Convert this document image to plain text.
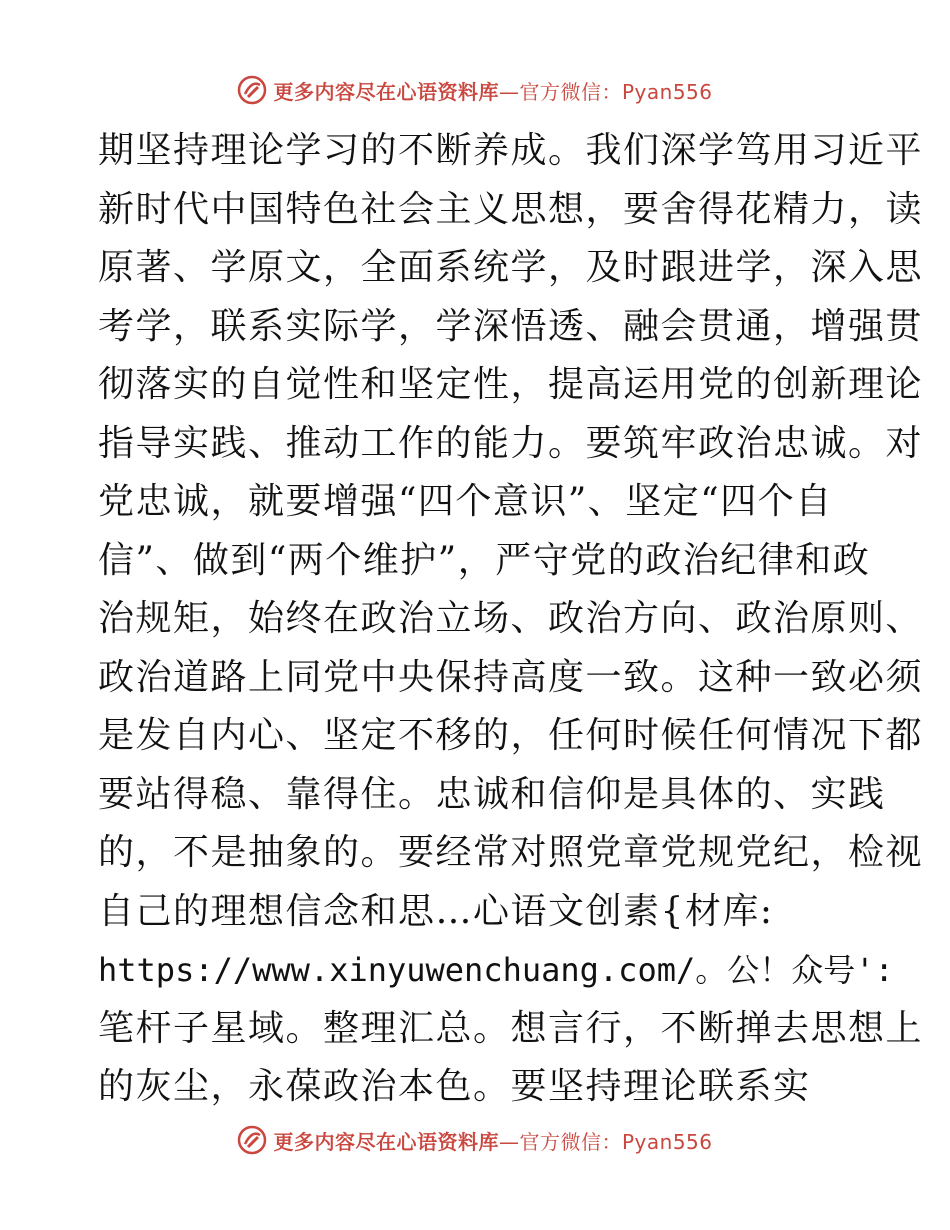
更多内容尽在心语资料库—官方微信：Pyan556
期坚持理论学习的不断养成。我们深学笃用习近平
新时代中国特色社会主义思想，要舍得花精力，读
原著、学原文，全面系统学，及时跟进学，深入思
考学，联系实际学，学深悟透、融会贯通，增强贯
彻落实的自觉性和坚定性，提高运用党的创新理论
指导实践、推动工作的能力。要筑牢政治忠诚。对
党忠诚，就要增强“四个意识”、坚定“四个自
信”、做到“两个维护”，严守党的政治纪律和政
治规矩，始终在政治立场、政治方向、政治原则、
政治道路上同党中央保持高度一致。这种一致必须
是发自内心、坚定不移的，任何时候任何情况下都
要站得稳、靠得住。忠诚和信仰是具体的、实践
的，不是抽象的。要经常对照党章党规党纪，检视
自己的理想信念和思…心语文创素{材库:
https://www.xinyuwenchuang.com/。公！众号':
笔杆子星域。整理汇总。想言行，不断掸去思想上
的灰尘，永葆政治本色。要坚持理论联系实
更多内容尽在心语资料库—官方微信：Pyan556
